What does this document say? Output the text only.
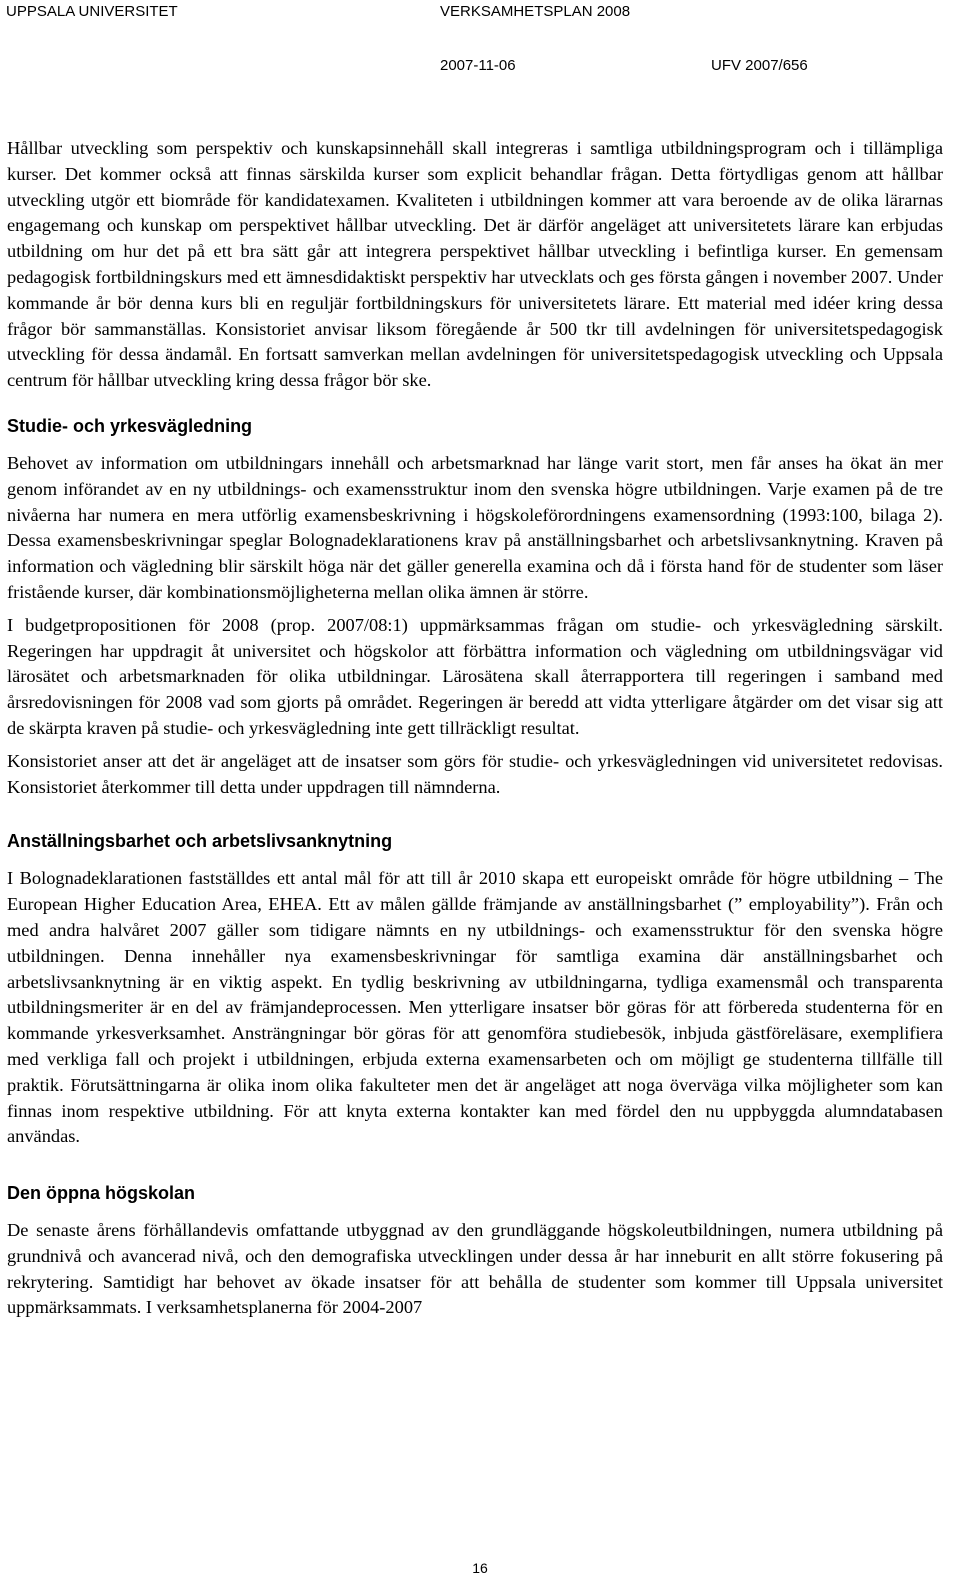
UPPSALA UNIVERSITET	VERKSAMHETSPLAN 2008
2007-11-06	UFV 2007/656

Hållbar utveckling som perspektiv och kunskapsinnehåll skall integreras i samtliga utbildningsprogram och i tillämpliga kurser. Det kommer också att finnas särskilda kurser som explicit behandlar frågan. Detta förtydligas genom att hållbar utveckling utgör ett biområde för kandidatexamen. Kvaliteten i utbildningen kommer att vara beroende av de olika lärarnas engagemang och kunskap om perspektivet hållbar utveckling. Det är därför angeläget att universitetets lärare kan erbjudas utbildning om hur det på ett bra sätt går att integrera perspektivet hållbar utveckling i befintliga kurser. En gemensam pedagogisk fortbildningskurs med ett ämnesdidaktiskt perspektiv har utvecklats och ges första gången i november 2007. Under kommande år bör denna kurs bli en reguljär fortbildningskurs för universitetets lärare. Ett material med idéer kring dessa frågor bör sammanställas. Konsistoriet anvisar liksom föregående år 500 tkr till avdelningen för universitetspedagogisk utveckling för dessa ändamål. En fortsatt samverkan mellan avdelningen för universitetspedagogisk utveckling och Uppsala centrum för hållbar utveckling kring dessa frågor bör ske.

Studie- och yrkesvägledning

Behovet av information om utbildningars innehåll och arbetsmarknad har länge varit stort, men får anses ha ökat än mer genom införandet av en ny utbildnings- och examensstruktur inom den svenska högre utbildningen. Varje examen på de tre nivåerna har numera en mera utförlig examensbeskrivning i högskoleförordningens examensordning (1993:100, bilaga 2). Dessa examensbeskrivningar speglar Bolognadeklarationens krav på anställningsbarhet och arbetslivsanknytning. Kraven på information och vägledning blir särskilt höga när det gäller generella examina och då i första hand för de studenter som läser fristående kurser, där kombinationsmöjligheterna mellan olika ämnen är större.

I budgetpropositionen för 2008 (prop. 2007/08:1) uppmärksammas frågan om studie- och yrkesvägledning särskilt. Regeringen har uppdragit åt universitet och högskolor att förbättra information och vägledning om utbildningsvägar vid lärosätet och arbetsmarknaden för olika utbildningar. Lärosätena skall återrapportera till regeringen i samband med årsredovisningen för 2008 vad som gjorts på området. Regeringen är beredd att vidta ytterligare åtgärder om det visar sig att de skärpta kraven på studie- och yrkesvägledning inte gett tillräckligt resultat.

Konsistoriet anser att det är angeläget att de insatser som görs för studie- och yrkesvägledningen vid universitetet redovisas. Konsistoriet återkommer till detta under uppdragen till nämnderna.

Anställningsbarhet och arbetslivsanknytning

I Bolognadeklarationen fastställdes ett antal mål för att till år 2010 skapa ett europeiskt område för högre utbildning – The European Higher Education Area, EHEA. Ett av målen gällde främjande av anställningsbarhet (” employability”). Från och med andra halvåret 2007 gäller som tidigare nämnts en ny utbildnings- och examensstruktur för den svenska högre utbildningen. Denna innehåller nya examensbeskrivningar för samtliga examina där anställningsbarhet och arbetslivsanknytning är en viktig aspekt. En tydlig beskrivning av utbildningarna, tydliga examensmål och transparenta utbildningsmeriter är en del av främjandeprocessen. Men ytterligare insatser bör göras för att förbereda studenterna för en kommande yrkesverksamhet. Ansträngningar bör göras för att genomföra studiebesök, inbjuda gästföreläsare, exemplifiera med verkliga fall och projekt i utbildningen, erbjuda externa examensarbeten och om möjligt ge studenterna tillfälle till praktik. Förutsättningarna är olika inom olika fakulteter men det är angeläget att noga överväga vilka möjligheter som kan finnas inom respektive utbildning. För att knyta externa kontakter kan med fördel den nu uppbyggda alumndatabasen användas.

Den öppna högskolan

De senaste årens förhållandevis omfattande utbyggnad av den grundläggande högskoleutbildningen, numera utbildning på grundnivå och avancerad nivå, och den demografiska utvecklingen under dessa år har inneburit en allt större fokusering på rekrytering. Samtidigt har behovet av ökade insatser för att behålla de studenter som kommer till Uppsala universitet uppmärksammats. I verksamhetsplanerna för 2004-2007

16
